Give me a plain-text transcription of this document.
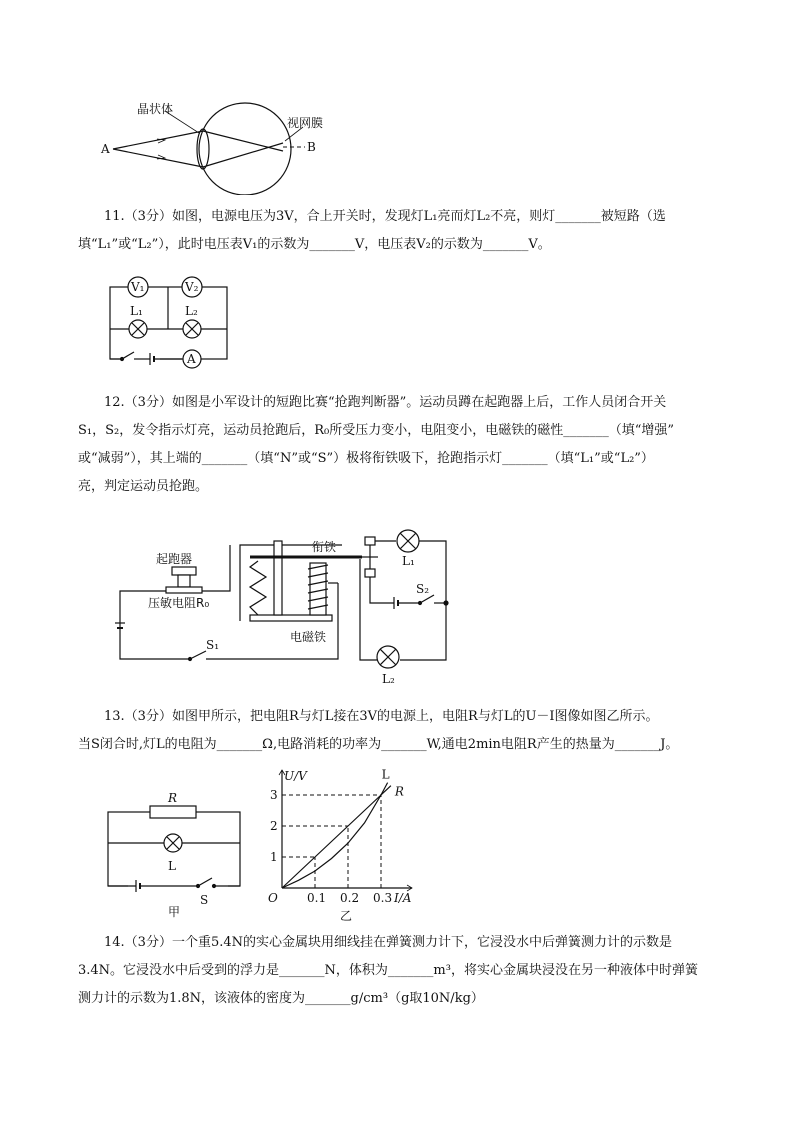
晶状体
视网膜
A	B

11.（3分）如图，电源电压为3V，合上开关时，发现灯L₁亮而灯L₂不亮，则灯_______被短路（选

填“L₁”或“L₂”），此时电压表V₁的示数为_______V，电压表V₂的示数为_______V。

V₁	V₂
L₁	L₂
A

12.（3分）如图是小军设计的短跑比赛“抢跑判断器”。运动员蹲在起跑器上后，工作人员闭合开关

S₁，S₂，发令指示灯亮，运动员抢跑后，R₀所受压力变小，电阻变小，电磁铁的磁性_______（填“增强”

或“减弱”），其上端的_______（填“N”或“S”）极将衔铁吸下，抢跑指示灯_______（填“L₁”或“L₂”）

亮，判定运动员抢跑。

起跑器
压敏电阻R₀
S₁
衔铁
电磁铁
L₁
S₂
L₂

13.（3分）如图甲所示，把电阻R与灯L接在3V的电源上，电阻R与灯L的U－I图像如图乙所示。

当S闭合时,灯L的电阻为_______Ω,电路消耗的功率为_______W,通电2min电阻R产生的热量为_______J。

R
L
S
甲
U/V
I/A
O 0.1 0.2 0.3
1
2
3
L
R
乙

14.（3分）一个重5.4N的实心金属块用细线挂在弹簧测力计下，它浸没水中后弹簧测力计的示数是

3.4N。它浸没水中后受到的浮力是_______N，体积为_______m³，将实心金属块浸没在另一种液体中时弹簧

测力计的示数为1.8N，该液体的密度为_______g/cm³（g取10N/kg）
